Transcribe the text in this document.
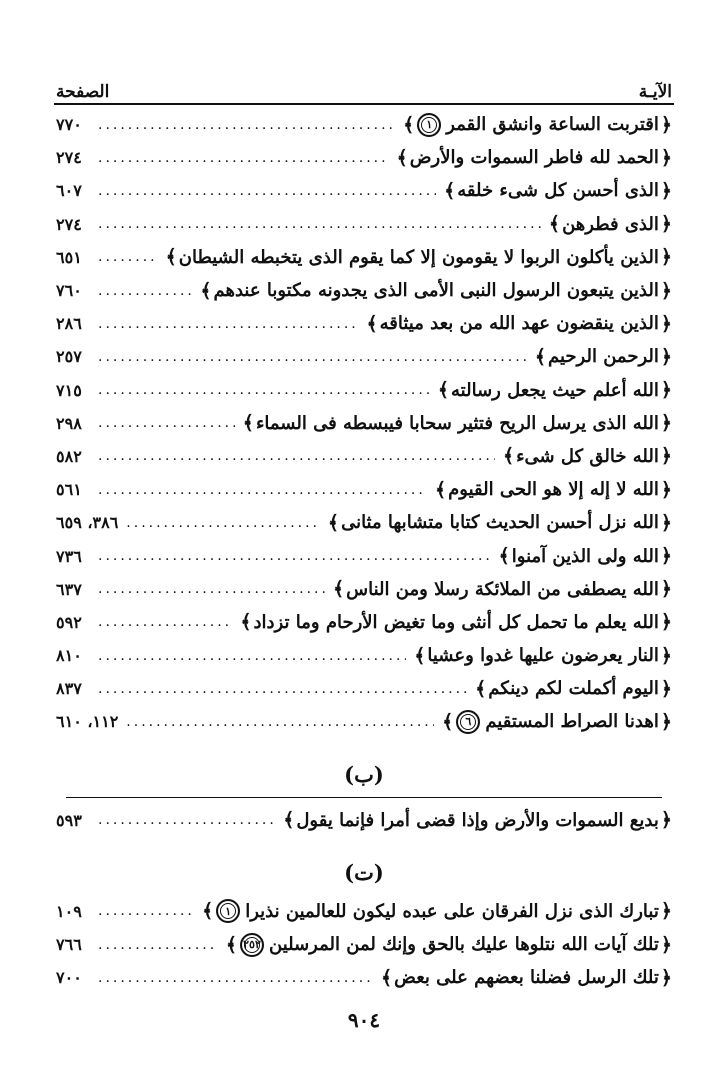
الآيـة
الصفحة
﴿
اقتربت الساعة وانشق القمر
١
﴾
.....
٧٧٠
﴿
الحمد لله فاطر السموات والأرض
﴾
.....
٢٧٤
﴿
الذى أحسن كل شىء خلقه
﴾
.....
٦٠٧
﴿
الذى فطرهن
﴾
.....
٢٧٤
﴿
الذين يأكلون الربوا لا يقومون إلا كما يقوم الذى يتخبطه الشيطان
﴾
.....
٦٥١
﴿
الذين يتبعون الرسول النبى الأمى الذى يجدونه مكتوبا عندهم
﴾
.....
٧٦٠
﴿
الذين ينقضون عهد الله من بعد ميثاقه
﴾
.....
٢٨٦
﴿
الرحمن الرحيم
﴾
.....
٢٥٧
﴿
الله أعلم حيث يجعل رسالته
﴾
.....
٧١٥
﴿
الله الذى يرسل الريح فتثير سحابا فيبسطه فى السماء
﴾
.....
٢٩٨
﴿
الله خالق كل شىء
﴾
.....
٥٨٢
﴿
الله لا إله إلا هو الحى القيوم
﴾
.....
٥٦١
﴿
الله نزل أحسن الحديث كتابا متشابها مثانى
﴾
.....
٣٨٦، ٦٥٩
﴿
الله ولى الذين آمنوا
﴾
.....
٧٣٦
﴿
الله يصطفى من الملائكة رسلا ومن الناس
﴾
.....
٦٣٧
﴿
الله يعلم ما تحمل كل أنثى وما تغيض الأرحام وما تزداد
﴾
.....
٥٩٢
﴿
النار يعرضون عليها غدوا وعشيا
﴾
.....
٨١٠
﴿
اليوم أكملت لكم دينكم
﴾
.....
٨٣٧
﴿
اهدنا الصراط المستقيم
٦
﴾
.....
١١٢، ٦١٠
(ب)
﴿
بديع السموات والأرض وإذا قضى أمرا فإنما يقول
﴾
.....
٥٩٣
(ت)
﴿
تبارك الذى نزل الفرقان على عبده ليكون للعالمين نذيرا
١
﴾
.....
١٠٩
﴿
تلك آيات الله نتلوها عليك بالحق وإنك لمن المرسلين
٢٥٢
﴾
.....
٧٦٦
﴿
تلك الرسل فضلنا بعضهم على بعض
﴾
.....
٧٠٠
٩٠٤
